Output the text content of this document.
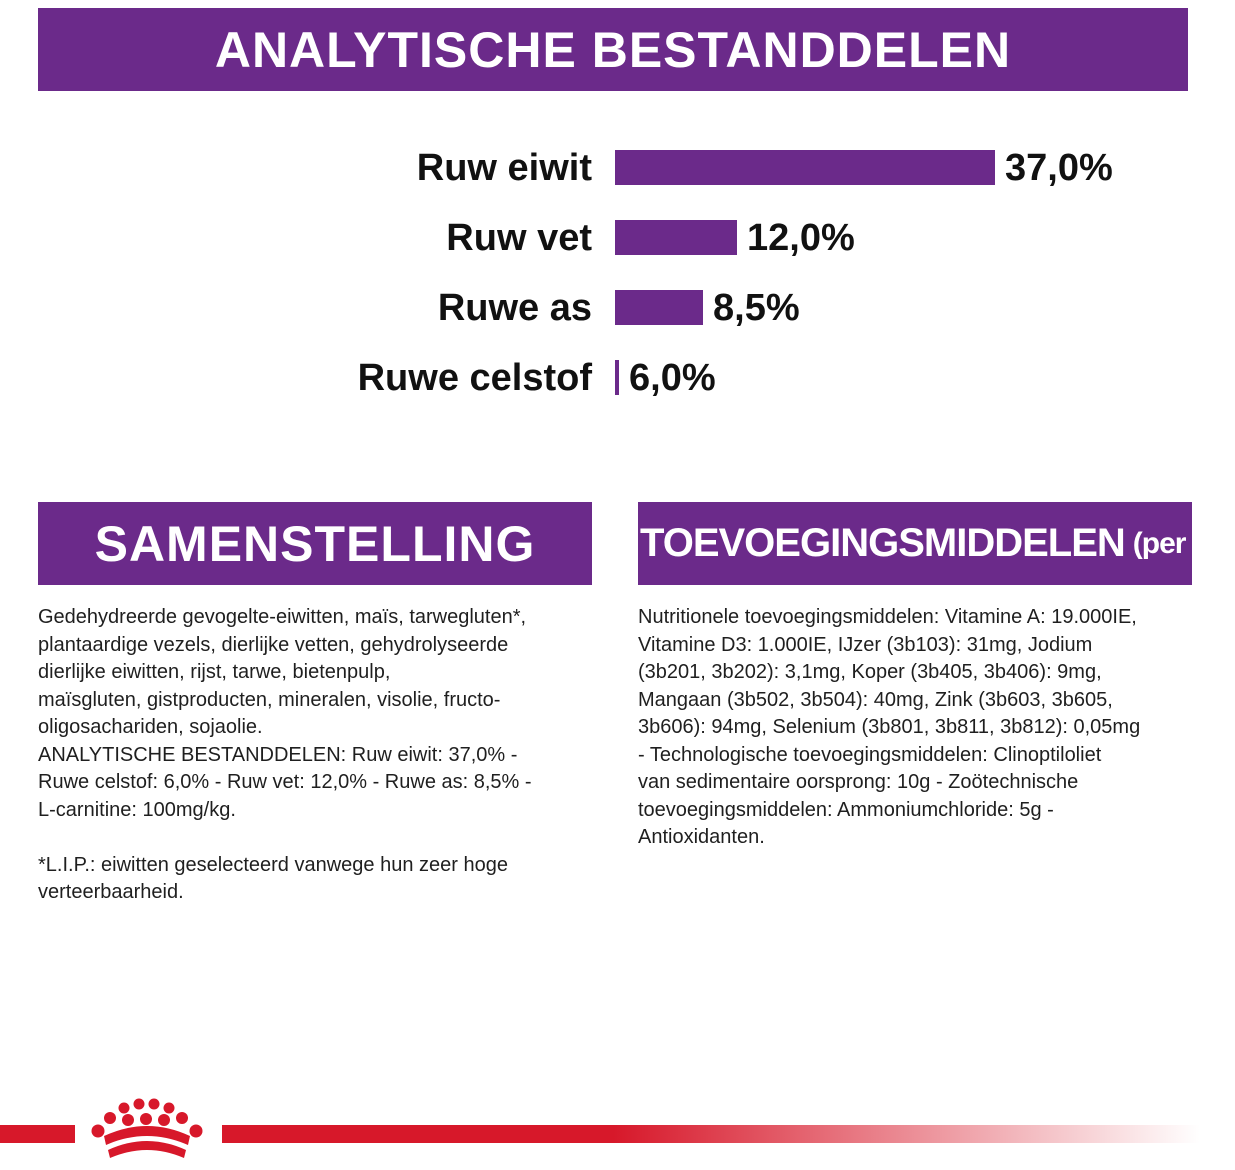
ANALYTISCHE BESTANDDELEN
Ruw eiwit	37,0%
Ruw vet	12,0%
Ruwe as	8,5%
Ruwe celstof 6,0%
SAMENSTELLING	TOEVOEGINGSMIDDELEN (per kg)

Gedehydreerde gevogelte-eiwitten, maïs, tarwegluten*,

plantaardige vezels, dierlijke vetten, gehydrolyseerde

dierlijke eiwitten, rijst, tarwe, bietenpulp,

maïsgluten, gistproducten, mineralen, visolie, fructo-

oligosachariden, sojaolie.

ANALYTISCHE BESTANDDELEN: Ruw eiwit: 37,0% -

Ruwe celstof: 6,0% - Ruw vet: 12,0% - Ruwe as: 8,5% -

L-carnitine: 100mg/kg.

*L.I.P.: eiwitten geselecteerd vanwege hun zeer hoge

verteerbaarheid.

Nutritionele toevoegingsmiddelen: Vitamine A: 19.000IE,

Vitamine D3: 1.000IE, IJzer (3b103): 31mg, Jodium

(3b201, 3b202): 3,1mg, Koper (3b405, 3b406): 9mg,

Mangaan (3b502, 3b504): 40mg, Zink (3b603, 3b605,

3b606): 94mg, Selenium (3b801, 3b811, 3b812): 0,05mg

- Technologische toevoegingsmiddelen: Clinoptiloliet

van sedimentaire oorsprong: 10g - Zoötechnische

toevoegingsmiddelen: Ammoniumchloride: 5g -

Antioxidanten.
